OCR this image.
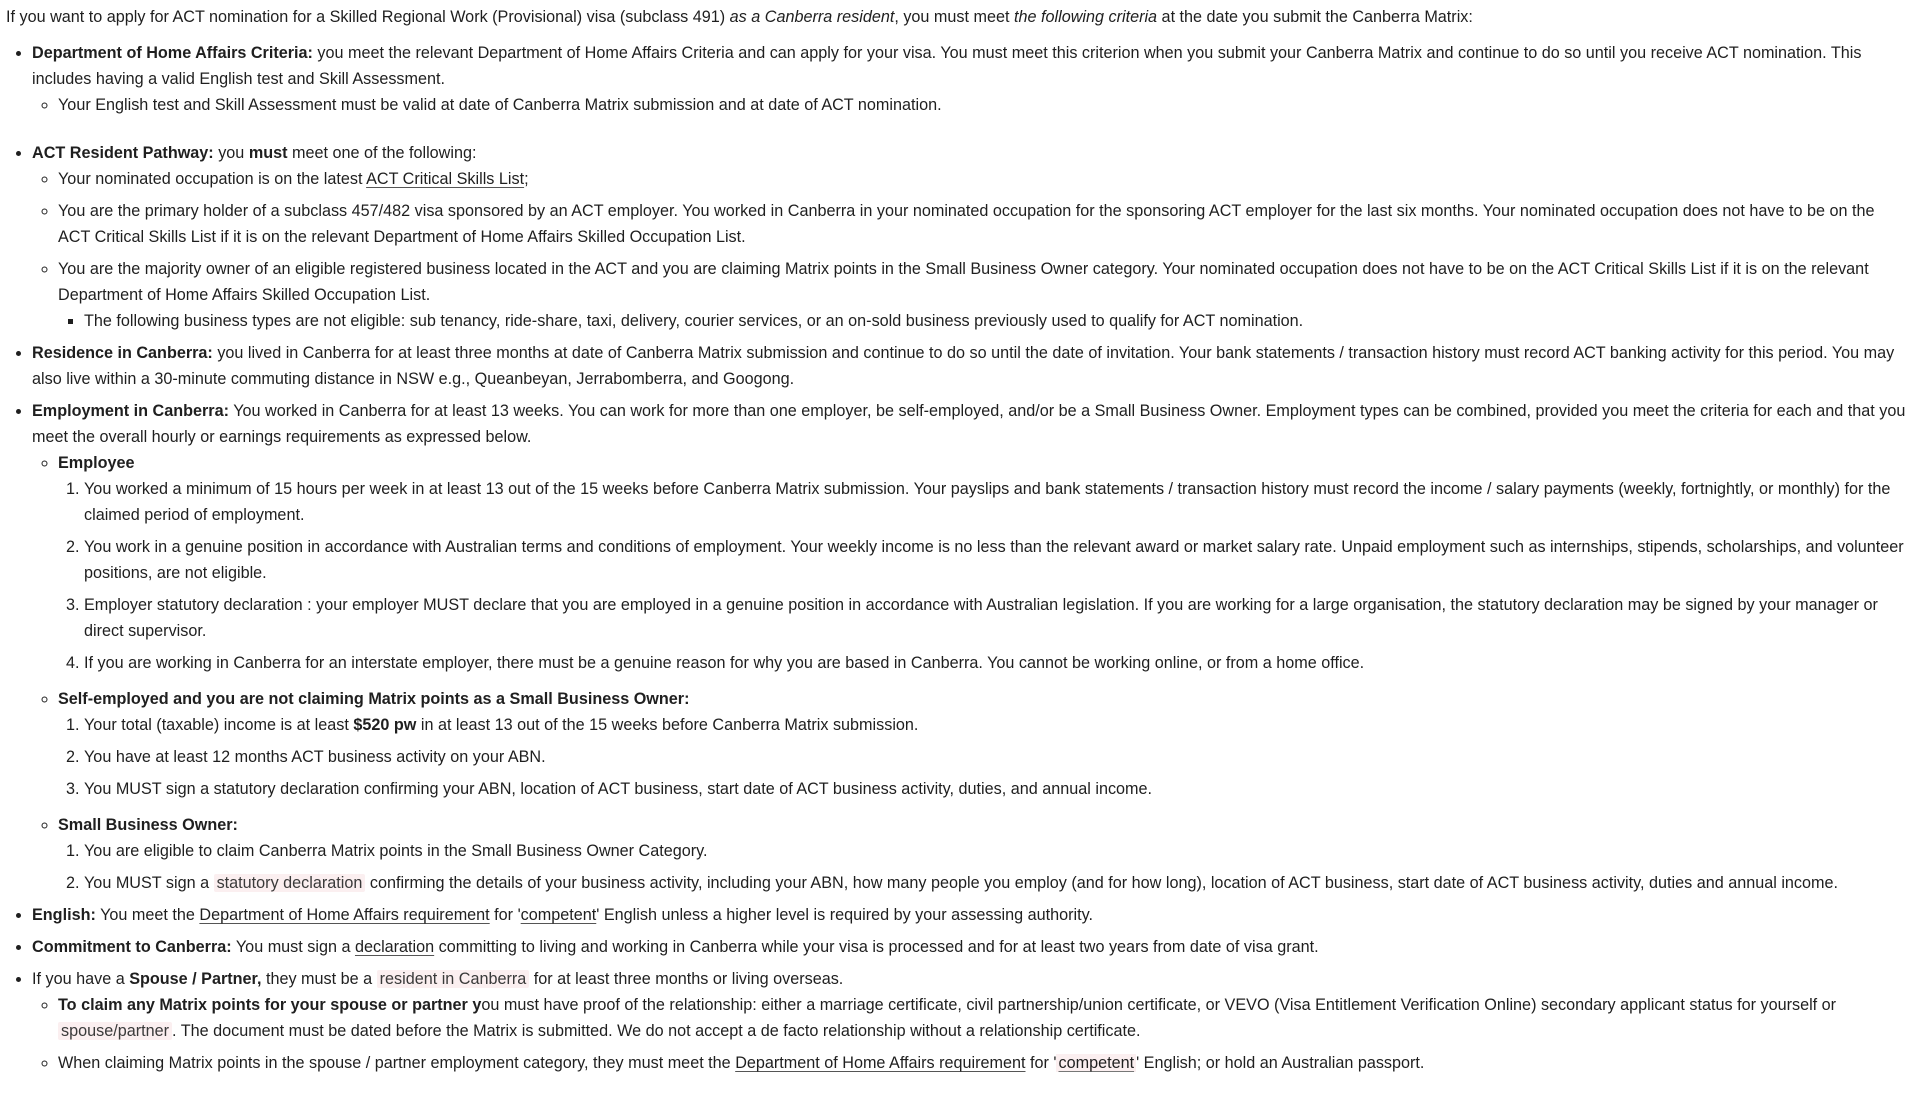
If you want to apply for ACT nomination for a Skilled Regional Work (Provisional) visa (subclass 491) as a Canberra resident, you must meet the following criteria at the date you submit the Canberra Matrix:

• Department of Home Affairs Criteria: you meet the relevant Department of Home Affairs Criteria and can apply for your visa. You must meet this criterion when you submit your Canberra Matrix and continue to do so until you receive ACT nomination. This includes having a valid English test and Skill Assessment.
◦ Your English test and Skill Assessment must be valid at date of Canberra Matrix submission and at date of ACT nomination.
• ACT Resident Pathway: you must meet one of the following:
◦ Your nominated occupation is on the latest ACT Critical Skills List;
◦ You are the primary holder of a subclass 457/482 visa sponsored by an ACT employer. You worked in Canberra in your nominated occupation for the sponsoring ACT employer for the last six months. Your nominated occupation does not have to be on the ACT Critical Skills List if it is on the relevant Department of Home Affairs Skilled Occupation List.
◦ You are the majority owner of an eligible registered business located in the ACT and you are claiming Matrix points in the Small Business Owner category. Your nominated occupation does not have to be on the ACT Critical Skills List if it is on the relevant Department of Home Affairs Skilled Occupation List.
▪ The following business types are not eligible: sub tenancy, ride-share, taxi, delivery, courier services, or an on-sold business previously used to qualify for ACT nomination.
• Residence in Canberra: you lived in Canberra for at least three months at date of Canberra Matrix submission and continue to do so until the date of invitation. Your bank statements / transaction history must record ACT banking activity for this period. You may also live within a 30-minute commuting distance in NSW e.g., Queanbeyan, Jerrabomberra, and Googong.
• Employment in Canberra: You worked in Canberra for at least 13 weeks. You can work for more than one employer, be self-employed, and/or be a Small Business Owner. Employment types can be combined, provided you meet the criteria for each and that you meet the overall hourly or earnings requirements as expressed below.
◦ Employee
1. You worked a minimum of 15 hours per week in at least 13 out of the 15 weeks before Canberra Matrix submission. Your payslips and bank statements / transaction history must record the income / salary payments (weekly, fortnightly, or monthly) for the claimed period of employment.
2. You work in a genuine position in accordance with Australian terms and conditions of employment. Your weekly income is no less than the relevant award or market salary rate. Unpaid employment such as internships, stipends, scholarships, and volunteer positions, are not eligible.
3. Employer statutory declaration : your employer MUST declare that you are employed in a genuine position in accordance with Australian legislation. If you are working for a large organisation, the statutory declaration may be signed by your manager or direct supervisor.
4. If you are working in Canberra for an interstate employer, there must be a genuine reason for why you are based in Canberra. You cannot be working online, or from a home office.
◦ Self-employed and you are not claiming Matrix points as a Small Business Owner:
1. Your total (taxable) income is at least $520 pw in at least 13 out of the 15 weeks before Canberra Matrix submission.
2. You have at least 12 months ACT business activity on your ABN.
3. You MUST sign a statutory declaration confirming your ABN, location of ACT business, start date of ACT business activity, duties, and annual income.
◦ Small Business Owner:
1. You are eligible to claim Canberra Matrix points in the Small Business Owner Category.
2. You MUST sign a statutory declaration confirming the details of your business activity, including your ABN, how many people you employ (and for how long), location of ACT business, start date of ACT business activity, duties and annual income.
• English: You meet the Department of Home Affairs requirement for 'competent' English unless a higher level is required by your assessing authority.
• Commitment to Canberra: You must sign a declaration committing to living and working in Canberra while your visa is processed and for at least two years from date of visa grant.
• If you have a Spouse / Partner, they must be a resident in Canberra for at least three months or living overseas.
◦ To claim any Matrix points for your spouse or partner you must have proof of the relationship: either a marriage certificate, civil partnership/union certificate, or VEVO (Visa Entitlement Verification Online) secondary applicant status for yourself or spouse/partner . The document must be dated before the Matrix is submitted. We do not accept a de facto relationship without a relationship certificate.
◦ When claiming Matrix points in the spouse / partner employment category, they must meet the Department of Home Affairs requirement for ' competent ' English; or hold an Australian passport.
